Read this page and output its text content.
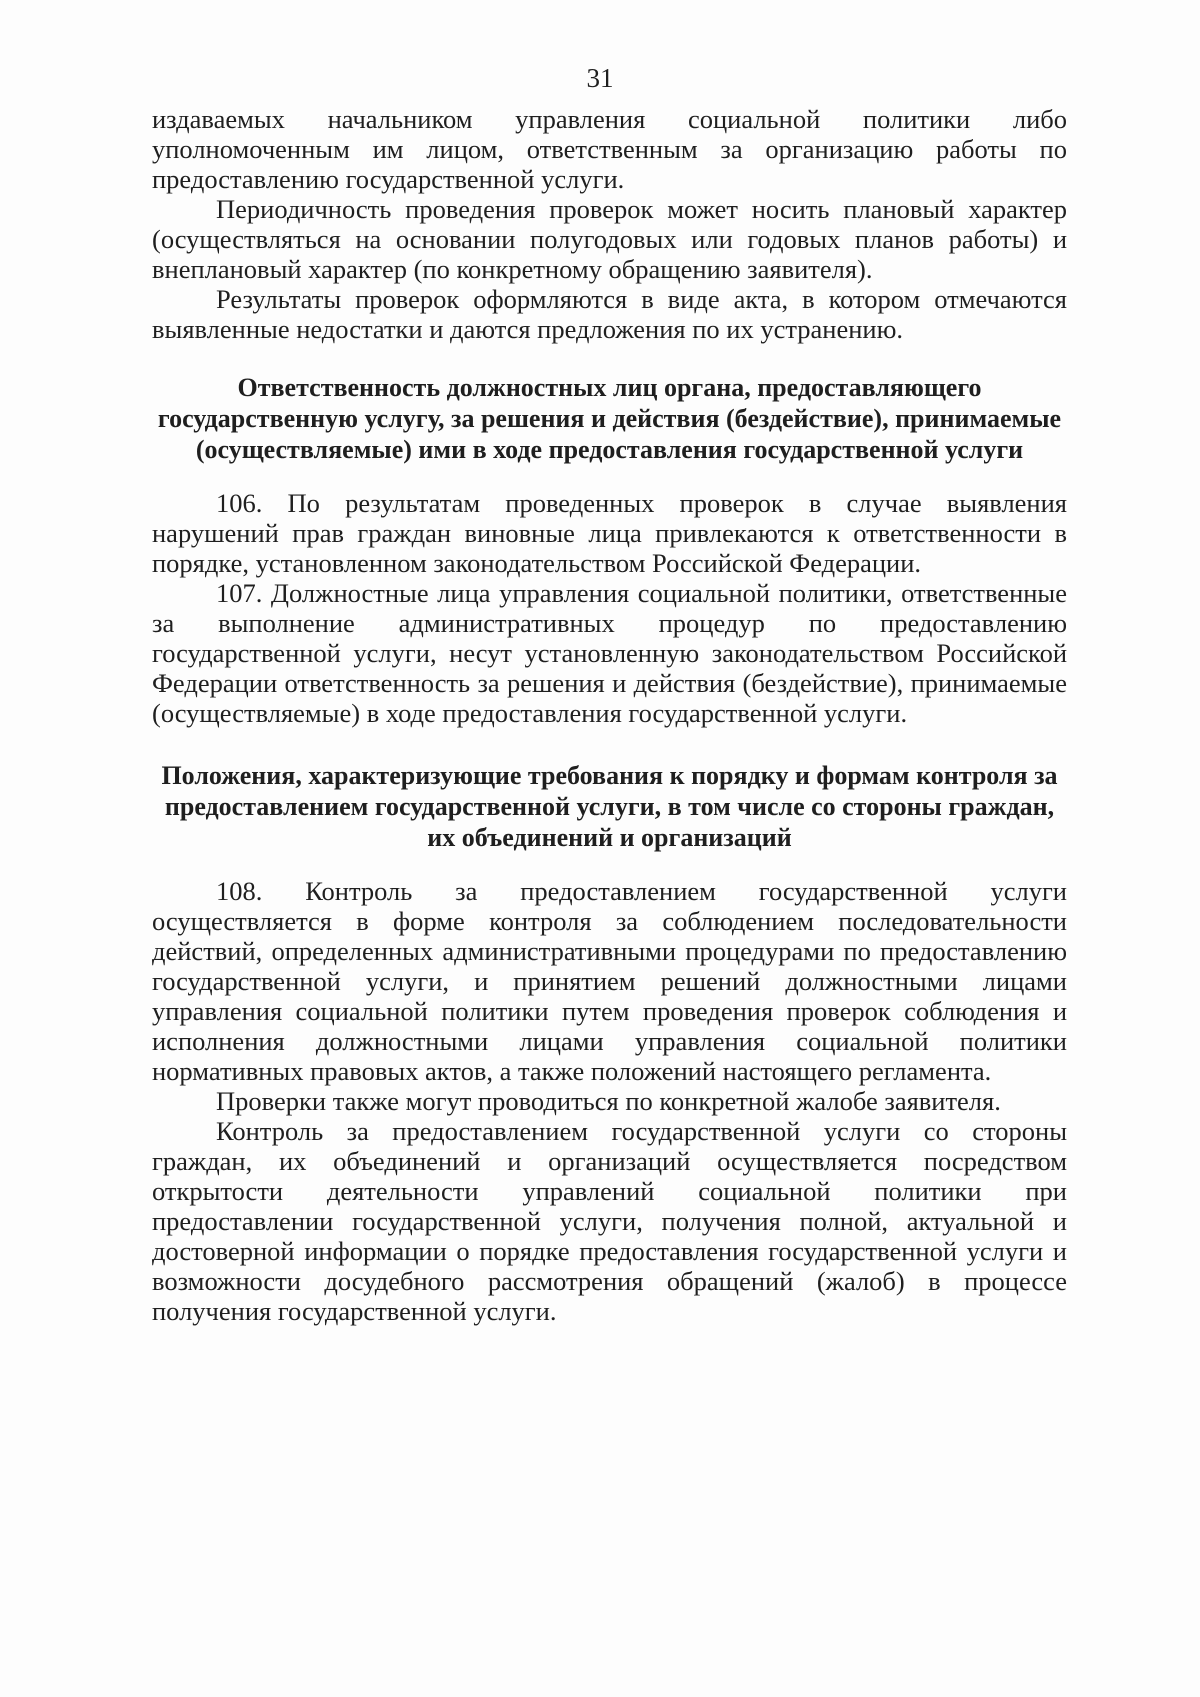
31

издаваемых начальником управления социальной политики либо уполномоченным им лицом, ответственным за организацию работы по предоставлению государственной услуги.

Периодичность проведения проверок может носить плановый характер (осуществляться на основании полугодовых или годовых планов работы) и внеплановый характер (по конкретному обращению заявителя).

Результаты проверок оформляются в виде акта, в котором отмечаются выявленные недостатки и даются предложения по их устранению.

Ответственность должностных лиц органа, предоставляющего государственную услугу, за решения и действия (бездействие), принимаемые (осуществляемые) ими в ходе предоставления государственной услуги

106. По результатам проведенных проверок в случае выявления нарушений прав граждан виновные лица привлекаются к ответственности в порядке, установленном законодательством Российской Федерации.

107. Должностные лица управления социальной политики, ответственные за выполнение административных процедур по предоставлению государственной услуги, несут установленную законодательством Российской Федерации ответственность за решения и действия (бездействие), принимаемые (осуществляемые) в ходе предоставления государственной услуги.

Положения, характеризующие требования к порядку и формам контроля за предоставлением государственной услуги, в том числе со стороны граждан, их объединений и организаций

108. Контроль за предоставлением государственной услуги осуществляется в форме контроля за соблюдением последовательности действий, определенных административными процедурами по предоставлению государственной услуги, и принятием решений должностными лицами управления социальной политики путем проведения проверок соблюдения и исполнения должностными лицами управления социальной политики нормативных правовых актов, а также положений настоящего регламента.

Проверки также могут проводиться по конкретной жалобе заявителя.

Контроль за предоставлением государственной услуги со стороны граждан, их объединений и организаций осуществляется посредством открытости деятельности управлений социальной политики при предоставлении государственной услуги, получения полной, актуальной и достоверной информации о порядке предоставления государственной услуги и возможности досудебного рассмотрения обращений (жалоб) в процессе получения государственной услуги.
